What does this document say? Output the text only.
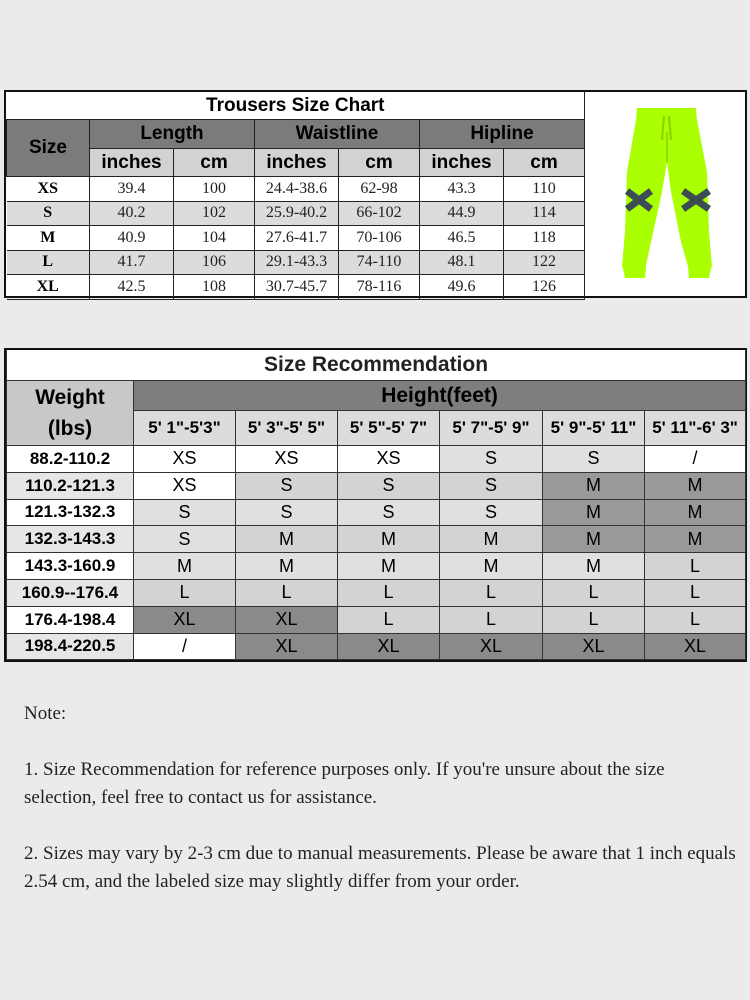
Trousers Size Chart						
Size	Length		Waistline		Hipline	
	inches	cm	inches	cm	inches	cm
XS	39.4	100	24.4-38.6	62-98	43.3	110
S	40.2	102	25.9-40.2	66-102	44.9	114
M	40.9	104	27.6-41.7	70-106	46.5	118
L	41.7	106	29.1-43.3	74-110	48.1	122
XL	42.5	108	30.7-45.7	78-116	49.6	126
Size Recommendation						
Weight
(lbs)	Height(feet)					
	5' 1"-5'3"	5' 3"-5' 5"	5' 5"-5' 7"	5' 7"-5' 9"	5' 9"-5' 11"	5' 11"-6' 3"
88.2-110.2	XS	XS	XS	S	S	/
110.2-121.3	XS	S	S	S	M	M
121.3-132.3	S	S	S	S	M	M
132.3-143.3	S	M	M	M	M	M
143.3-160.9	M	M	M	M	M	L
160.9--176.4	L	L	L	L	L	L
176.4-198.4	XL	XL	L	L	L	L
198.4-220.5	/	XL	XL	XL	XL	XL

Note:

1. Size Recommendation for reference purposes only. If you're unsure about the size
selection, feel free to contact us for assistance.

2. Sizes may vary by 2-3 cm due to manual measurements. Please be aware that 1 inch equals 2.54 cm, and the labeled size may slightly differ from your order.
